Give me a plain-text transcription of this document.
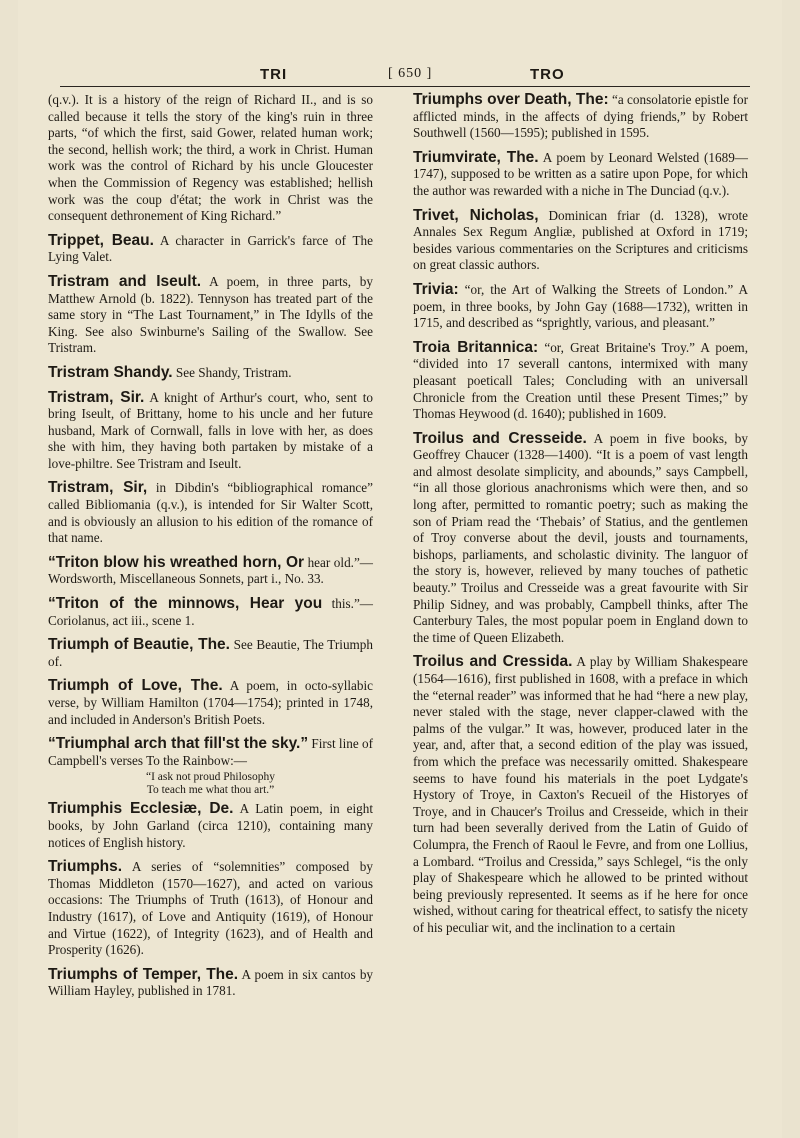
TRI	[ 650 ]	TRO

(q.v.). It is a history of the reign of Richard II., and is so called because it tells the story of the king's ruin in three parts, “of which the first, said Gower, related human work; the second, hellish work; the third, a work in Christ. Human work was the control of Richard by his uncle Gloucester when the Commission of Regency was established; hellish work was the coup d'état; the work in Christ was the consequent dethronement of King Richard.”

Trippet, Beau. A character in Garrick's farce of The Lying Valet.

Tristram and Iseult. A poem, in three parts, by Matthew Arnold (b. 1822). Tennyson has treated part of the same story in “The Last Tournament,” in The Idylls of the King. See also Swinburne's Sailing of the Swallow. See Tristram.

Tristram Shandy. See Shandy, Tristram.

Tristram, Sir. A knight of Arthur's court, who, sent to bring Iseult, of Brittany, home to his uncle and her future husband, Mark of Cornwall, falls in love with her, as does she with him, they having both partaken by mistake of a love-philtre. See Tristram and Iseult.

Tristram, Sir, in Dibdin's “bibliographical romance” called Bibliomania (q.v.), is intended for Sir Walter Scott, and is obviously an allusion to his edition of the romance of that name.

“Triton blow his wreathed horn, Or hear old.”—Wordsworth, Miscellaneous Sonnets, part i., No. 33.

“Triton of the minnows, Hear you this.”—Coriolanus, act iii., scene 1.

Triumph of Beautie, The. See Beautie, The Triumph of.

Triumph of Love, The. A poem, in octo-syllabic verse, by William Hamilton (1704—1754); printed in 1748, and included in Anderson's British Poets.

“Triumphal arch that fill'st the sky.” First line of Campbell's verses To the Rainbow:—

“I ask not proud Philosophy
To teach me what thou art.”

Triumphis Ecclesiæ, De. A Latin poem, in eight books, by John Garland (circa 1210), containing many notices of English history.

Triumphs. A series of “solemnities” composed by Thomas Middleton (1570—1627), and acted on various occasions: The Triumphs of Truth (1613), of Honour and Industry (1617), of Love and Antiquity (1619), of Honour and Virtue (1622), of Integrity (1623), and of Health and Prosperity (1626).

Triumphs of Temper, The. A poem in six cantos by William Hayley, published in 1781.

Triumphs over Death, The: “a consolatorie epistle for afflicted minds, in the affects of dying friends,” by Robert Southwell (1560—1595); published in 1595.

Triumvirate, The. A poem by Leonard Welsted (1689—1747), supposed to be written as a satire upon Pope, for which the author was rewarded with a niche in The Dunciad (q.v.).

Trivet, Nicholas, Dominican friar (d. 1328), wrote Annales Sex Regum Angliæ, published at Oxford in 1719; besides various commentaries on the Scriptures and criticisms on great classic authors.

Trivia: “or, the Art of Walking the Streets of London.” A poem, in three books, by John Gay (1688—1732), written in 1715, and described as “sprightly, various, and pleasant.”

Troia Britannica: “or, Great Britaine's Troy.” A poem, “divided into 17 severall cantons, intermixed with many pleasant poeticall Tales; Concluding with an universall Chronicle from the Creation until these Present Times;” by Thomas Heywood (d. 1640); published in 1609.

Troilus and Cresseide. A poem in five books, by Geoffrey Chaucer (1328—1400). “It is a poem of vast length and almost desolate simplicity, and abounds,” says Campbell, “in all those glorious anachronisms which were then, and so long after, permitted to romantic poetry; such as making the son of Priam read the ‘Thebais’ of Statius, and the gentlemen of Troy converse about the devil, jousts and tournaments, bishops, parliaments, and scholastic divinity. The languor of the story is, however, relieved by many touches of pathetic beauty.” Troilus and Cresseide was a great favourite with Sir Philip Sidney, and was probably, Campbell thinks, after The Canterbury Tales, the most popular poem in England down to the time of Queen Elizabeth.

Troilus and Cressida. A play by William Shakespeare (1564—1616), first published in 1608, with a preface in which the “eternal reader” was informed that he had “here a new play, never staled with the stage, never clapper-clawed with the palms of the vulgar.” It was, however, produced later in the year, and, after that, a second edition of the play was issued, from which the preface was necessarily omitted. Shakespeare seems to have found his materials in the poet Lydgate's Hystory of Troye, in Caxton's Recueil of the Historyes of Troye, and in Chaucer's Troilus and Cresseide, which in their turn had been severally derived from the Latin of Guido of Columpra, the French of Raoul le Fevre, and from one Lollius, a Lombard. “Troilus and Cressida,” says Schlegel, “is the only play of Shakespeare which he allowed to be printed without being previously represented. It seems as if he here for once wished, without caring for theatrical effect, to satisfy the nicety of his peculiar wit, and the inclination to a certain
